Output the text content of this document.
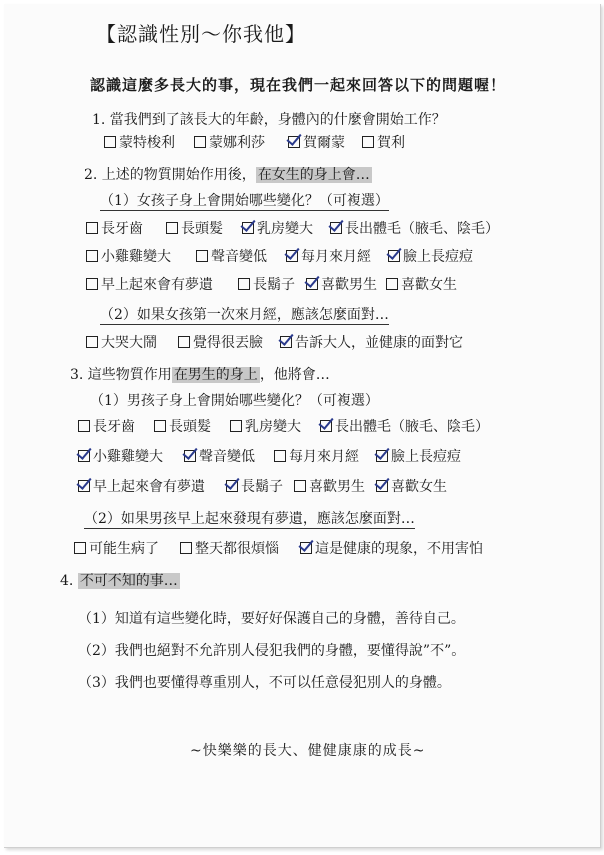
【認識性別～你我他】
認識這麼多長大的事，現在我們一起來回答以下的問題喔！
1. 當我們到了該長大的年齡，身體內的什麼會開始工作？
蒙特梭利	蒙娜利莎	賀爾蒙	賀利
2. 上述的物質開始作用後， 在女生的身上會…
（1）女孩子身上會開始哪些變化？（可複選）
長牙齒	長頭髮	乳房變大	長出體毛（腋毛、陰毛）
小雞雞變大	聲音變低	每月來月經	臉上長痘痘
早上起來會有夢遺	長鬍子	喜歡男生	喜歡女生
（2）如果女孩第一次來月經，應該怎麼面對…
大哭大鬧	覺得很丟臉	告訴大人，並健康的面對它
3. 這些物質作用 在男生的身上 ，他將會…
（1）男孩子身上會開始哪些變化？（可複選）
長牙齒	長頭髮	乳房變大	長出體毛（腋毛、陰毛）
小雞雞變大	聲音變低	每月來月經	臉上長痘痘
早上起來會有夢遺	長鬍子	喜歡男生	喜歡女生
（2）如果男孩早上起來發現有夢遺，應該怎麼面對…
可能生病了	整天都很煩惱	這是健康的現象，不用害怕
4. 不可不知的事…
（1）知道有這些變化時，要好好保護自己的身體，善待自己。
（2）我們也絕對不允許別人侵犯我們的身體，要懂得說”不”。
（3）我們也要懂得尊重別人，不可以任意侵犯別人的身體。
~快樂樂的長大、健健康康的成長~
